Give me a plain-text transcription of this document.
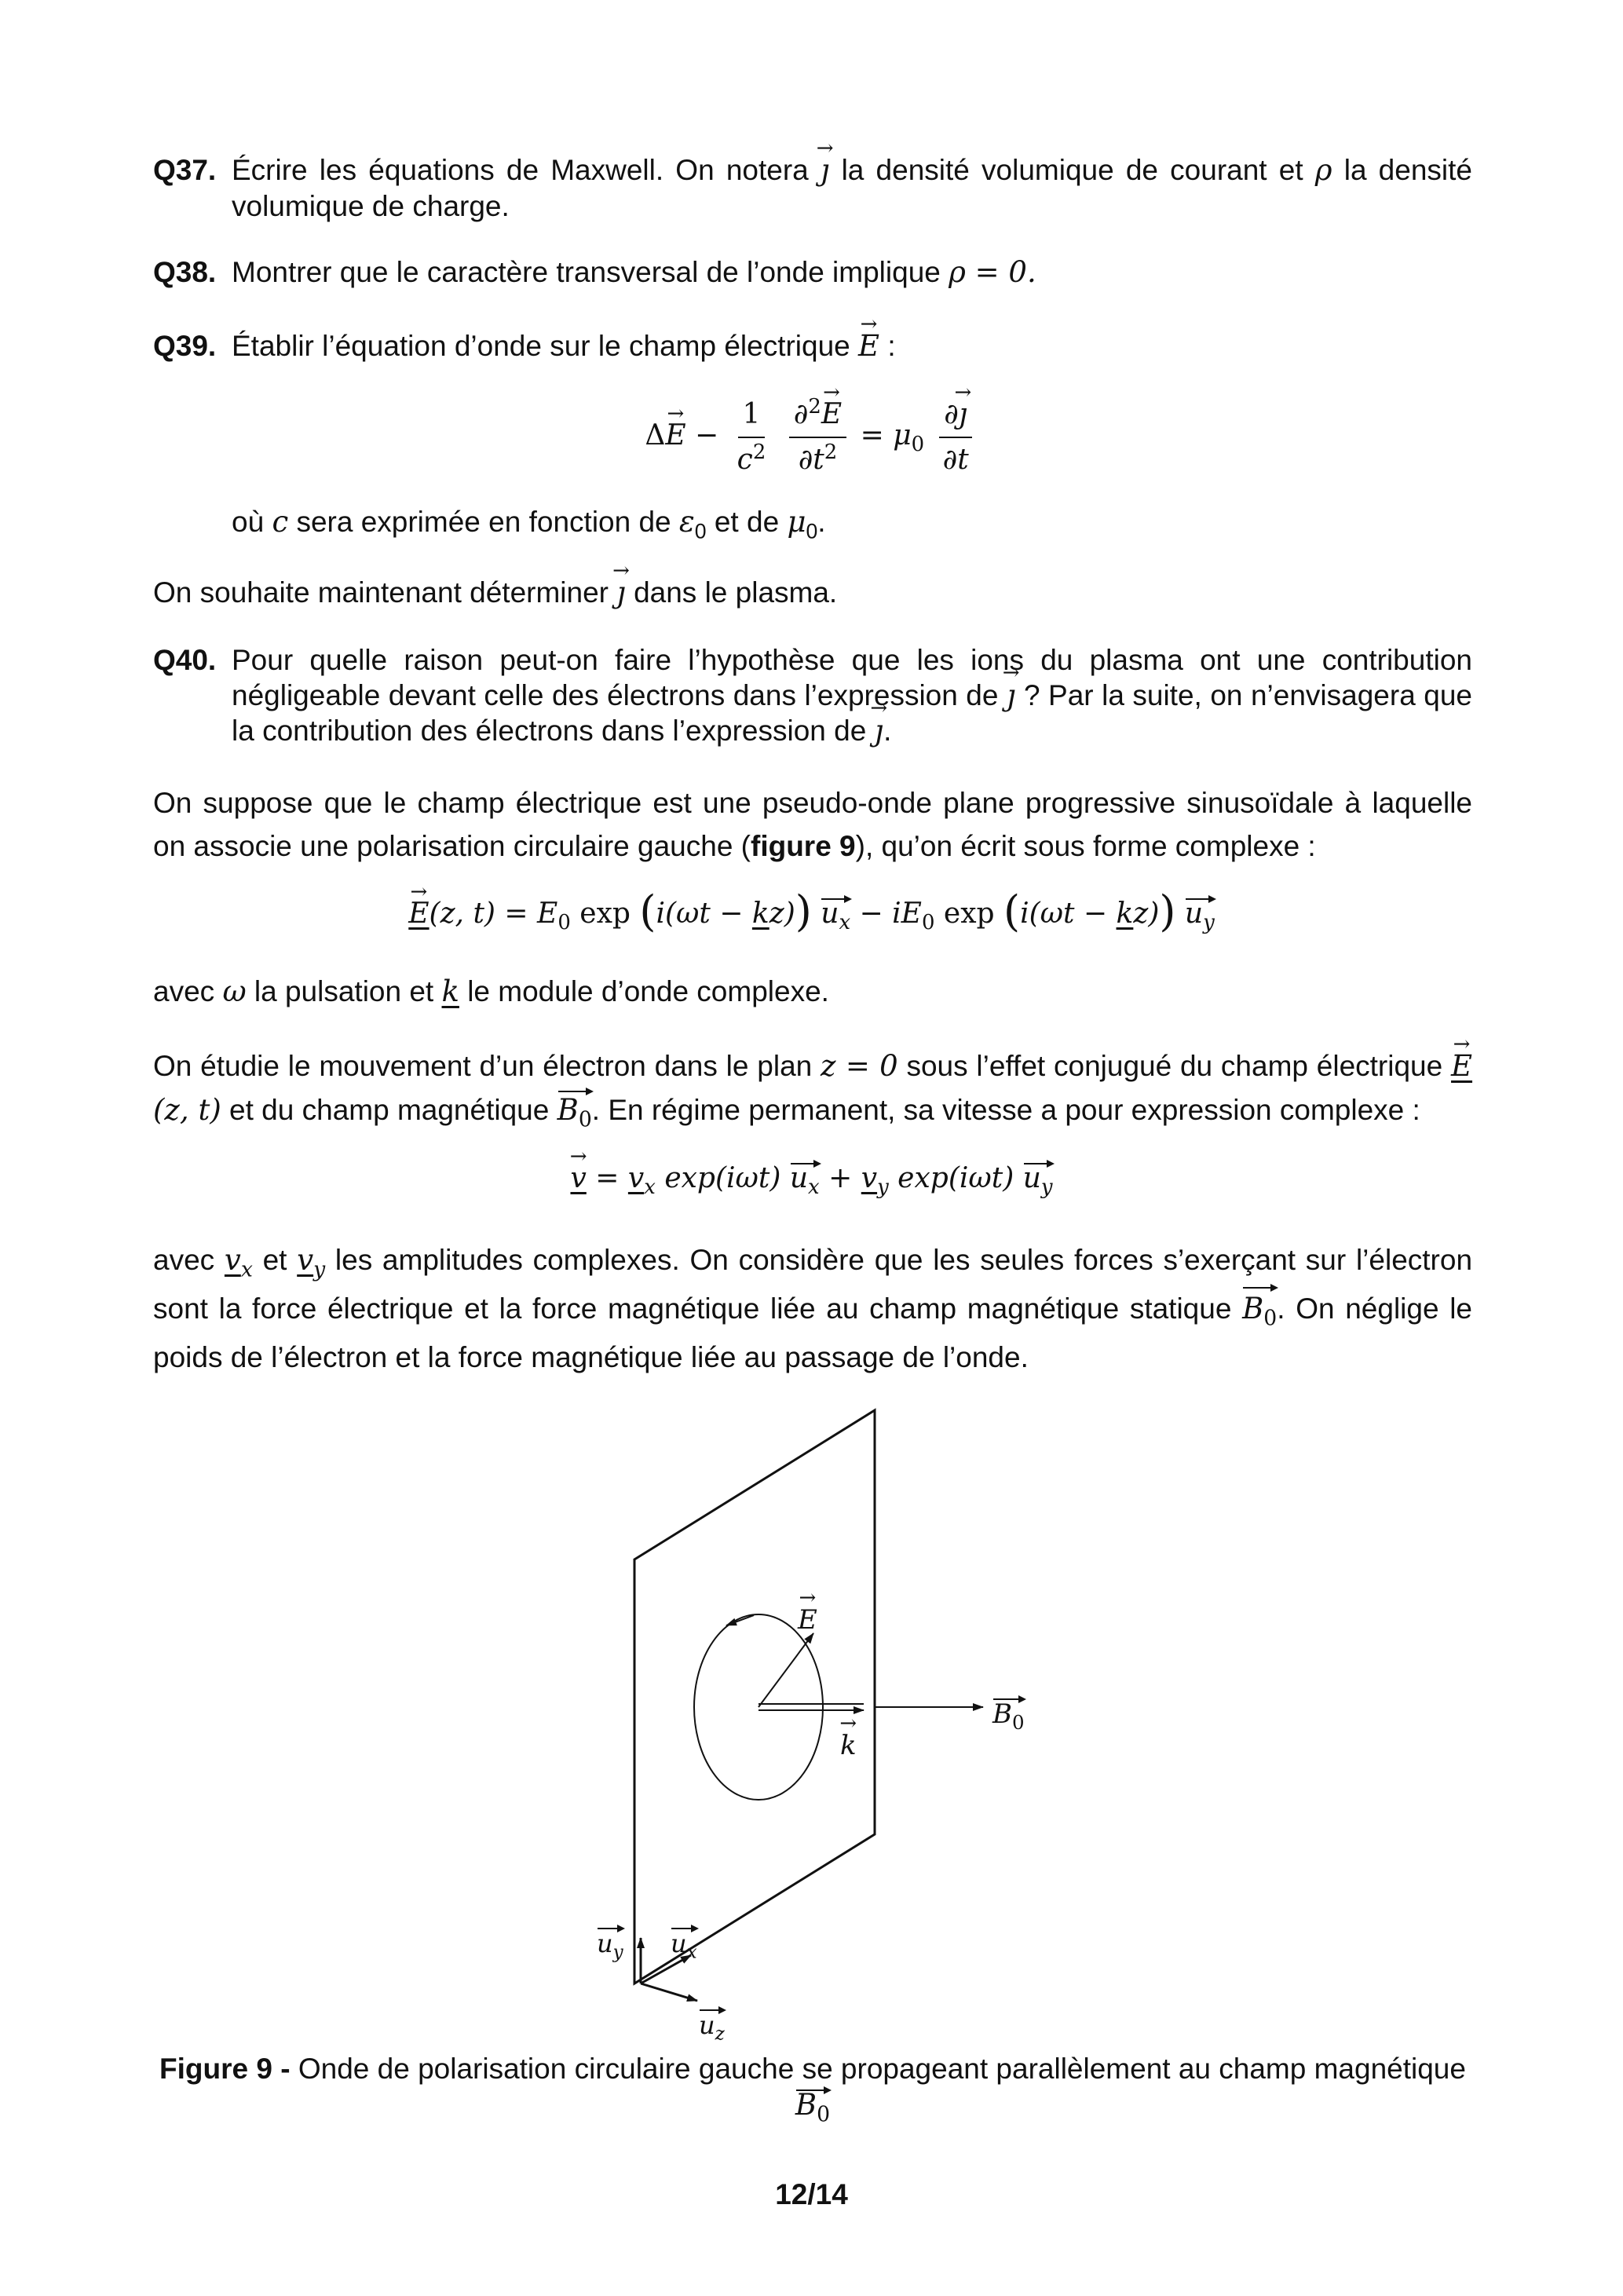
Q37. Écrire les équations de Maxwell. On notera ȷ → la densité volumique de courant et ρ la densité volumique de charge.
Q38. Montrer que le caractère transversal de l’onde implique ρ = 0.
Q39. Établir l’équation d’onde sur le champ électrique E → :
ΔE → − $\frac{1}{c^2}$
$\frac{\partial^2E \to}{\partial t^2} = \mu_0 \frac{\partial ȷ \to}{\partial t}$
où c sera exprimée en fonction de $\varepsilon_0$ et de $\mu_0$.
On souhaite maintenant déterminer ȷ → dans le plasma.
Q40. Pour quelle raison peut-on faire l’hypothèse que les ions du plasma ont une contribution négligeable devant celle des électrons dans l’expression de ȷ → ? Par la suite, on n’envisagera que la contribution des électrons dans l’expression de ȷ →.
On suppose que le champ électrique est une pseudo-onde plane progressive sinusoïdale à laquelle on associe une polarisation circulaire gauche (figure 9), qu’on écrit sous forme complexe :
E →(z, $t) = E_0$ exp (i(ωt − kz)) $u_x - iE_0$ exp (i(ωt − kz)) $u_y$
avec ω la pulsation et k le module d’onde complexe.
On étudie le mouvement d’un électron dans le plan z = 0 sous l’effet conjugué du champ électrique E →(z, t) et du champ magnétique $B_0$. En régime permanent, sa vitesse a pour expression complexe :
v → = $v_x$ exp(iωt) $u_x + v_y$ exp(iωt) $u_y$
avec $v_x$ et $v_y$ les amplitudes complexes. On considère que les seules forces s’exerçant sur l’électron sont la force électrique et la force magnétique liée au champ magnétique statique $B_0$. On néglige le poids de l’électron et la force magnétique liée au passage de l’onde.
E →
k →
$B_0$
$u_y$ $u_x$
$u_z$
Figure 9 - Onde de polarisation circulaire gauche se propageant parallèlement au champ magnétique $B_0$
12/14
